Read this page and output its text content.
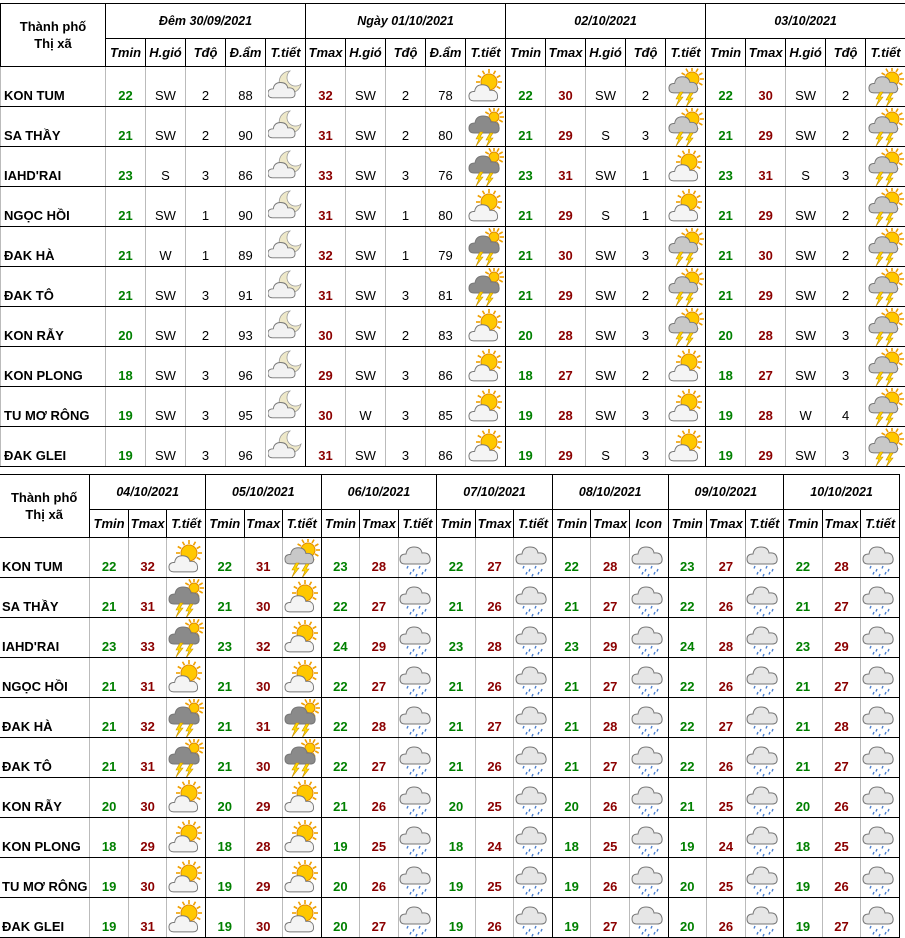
Thành phố
Thị xã	Đêm 30/09/2021					Ngày 01/10/2021					02/10/2021					03/10/2021				
	Tmin	H.gió	Tđộ	Đ.ẩm	T.tiết	Tmax	H.gió	Tđộ	Đ.ẩm	T.tiết	Tmin	Tmax	H.gió	Tđộ	T.tiết	Tmin	Tmax	H.gió	Tđộ	T.tiết
KON TUM	22	SW	2	88		32	SW	2	78		22	30	SW	2		22	30	SW	2	

SA THẦY	21	SW	2	90		31	SW	2	80		21	29	S	3		21	29	SW	2	

IAHD'RAI	23	S	3	86		33	SW	3	76		23	31	SW	1		23	31	S	3	

NGỌC HỒI	21	SW	1	90		31	SW	1	80		21	29	S	1		21	29	SW	2	

ĐAK HÀ	21	W	1	89		32	SW	1	79		21	30	SW	3		21	30	SW	2	

ĐAK TÔ	21	SW	3	91		31	SW	3	81		21	29	SW	2		21	29	SW	2	

KON RẪY	20	SW	2	93		30	SW	2	83		20	28	SW	3		20	28	SW	3	

KON PLONG	18	SW	3	96		29	SW	3	86		18	27	SW	2		18	27	SW	3	

TU MƠ RÔNG	19	SW	3	95		30	W	3	85		19	28	SW	3		19	28	W	4	

ĐAK GLEI	19	SW	3	96		31	SW	3	86		19	29	S	3		19	29	SW	3	
Thành phố
Thị xã	04/10/2021			05/10/2021			06/10/2021			07/10/2021			08/10/2021			09/10/2021			10/10/2021		
	Tmin	Tmax	T.tiết	Tmin	Tmax	T.tiết	Tmin	Tmax	T.tiết	Tmin	Tmax	T.tiết	Tmin	Tmax	Icon	Tmin	Tmax	T.tiết	Tmin	Tmax	T.tiết
KON TUM	22	32		22	31		23	28		22	27		22	28		23	27		22	28	

SA THẦY	21	31		21	30		22	27		21	26		21	27		22	26		21	27	

IAHD'RAI	23	33		23	32		24	29		23	28		23	29		24	28		23	29	

NGỌC HỒI	21	31		21	30		22	27		21	26		21	27		22	26		21	27	

ĐAK HÀ	21	32		21	31		22	28		21	27		21	28		22	27		21	28	

ĐAK TÔ	21	31		21	30		22	27		21	26		21	27		22	26		21	27	

KON RẪY	20	30		20	29		21	26		20	25		20	26		21	25		20	26	

KON PLONG	18	29		18	28		19	25		18	24		18	25		19	24		18	25	

TU MƠ RÔNG	19	30		19	29		20	26		19	25		19	26		20	25		19	26	

ĐAK GLEI	19	31		19	30		20	27		19	26		19	27		20	26		19	27	
